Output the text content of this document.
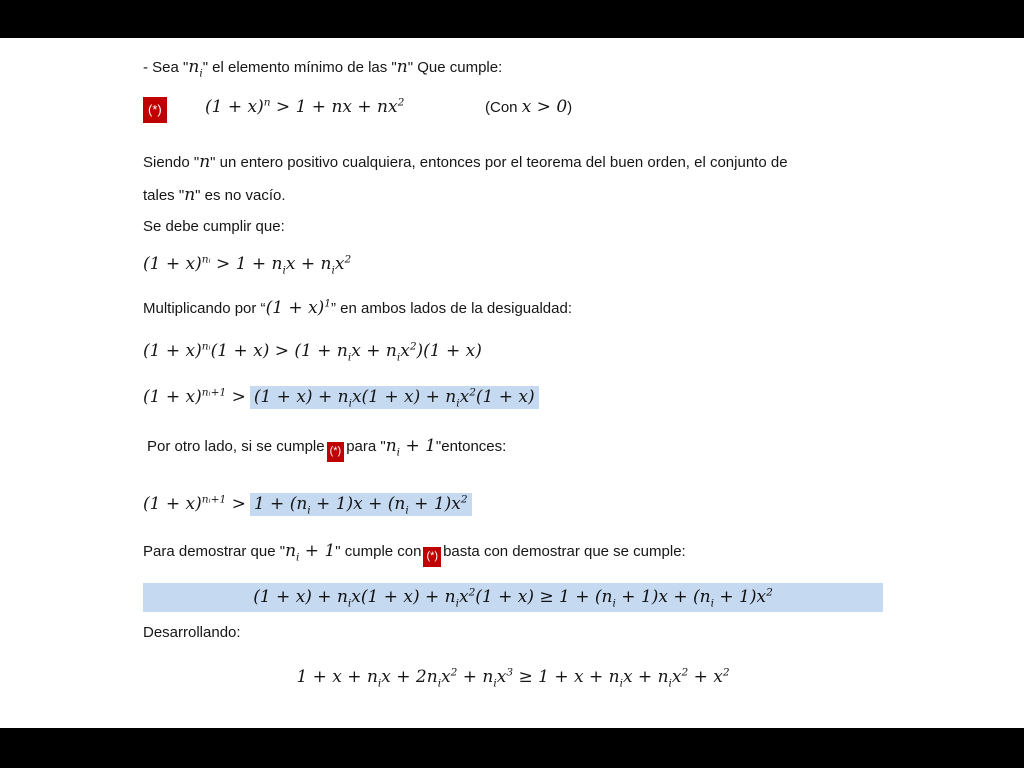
- Sea "$n_i$" el elemento mínimo de las "n" Que cumple:
(*)	$(1 + x)^n > 1$ + nx + $nx^2$	(Con x > 0)
Siendo "n" un entero positivo cualquiera, entonces por el teorema del buen orden, el conjunto de tales "n" es no vacío.
Se debe cumplir que:
$(1 + x)^{nᵢ} > 1 + n_ix + n_ix^2$
Multiplicando por “$(1 + x)^1$” en ambos lados de la desigualdad:
$(1 + x)^{nᵢ}(1 + x) > (1 + n_ix + n_ix^2)(1 + x)$
$(1 + x)^{nᵢ+1} > (1 + x) + n_ix(1 + x) + n_ix^2(1 + x)$
Por otro lado, si se cumple (*) para "$n_i$ + 1"entonces:
$(1 + x)^{nᵢ+1} > 1 + (n_i + 1)x + (n_i + 1)x^2$
Para demostrar que "$n_i + 1$" cumple con (*) basta con demostrar que se cumple:
$(1 + x) + n_ix(1 + x) + n_ix^2(1 + x) \ge 1 + (n_i + 1)x + (n_i + 1)x^2$
Desarrollando:
$1 + x + n_ix + 2n_ix^2 + n_ix^3 \ge 1 + x + n_ix + n_ix^2 + x^2$
